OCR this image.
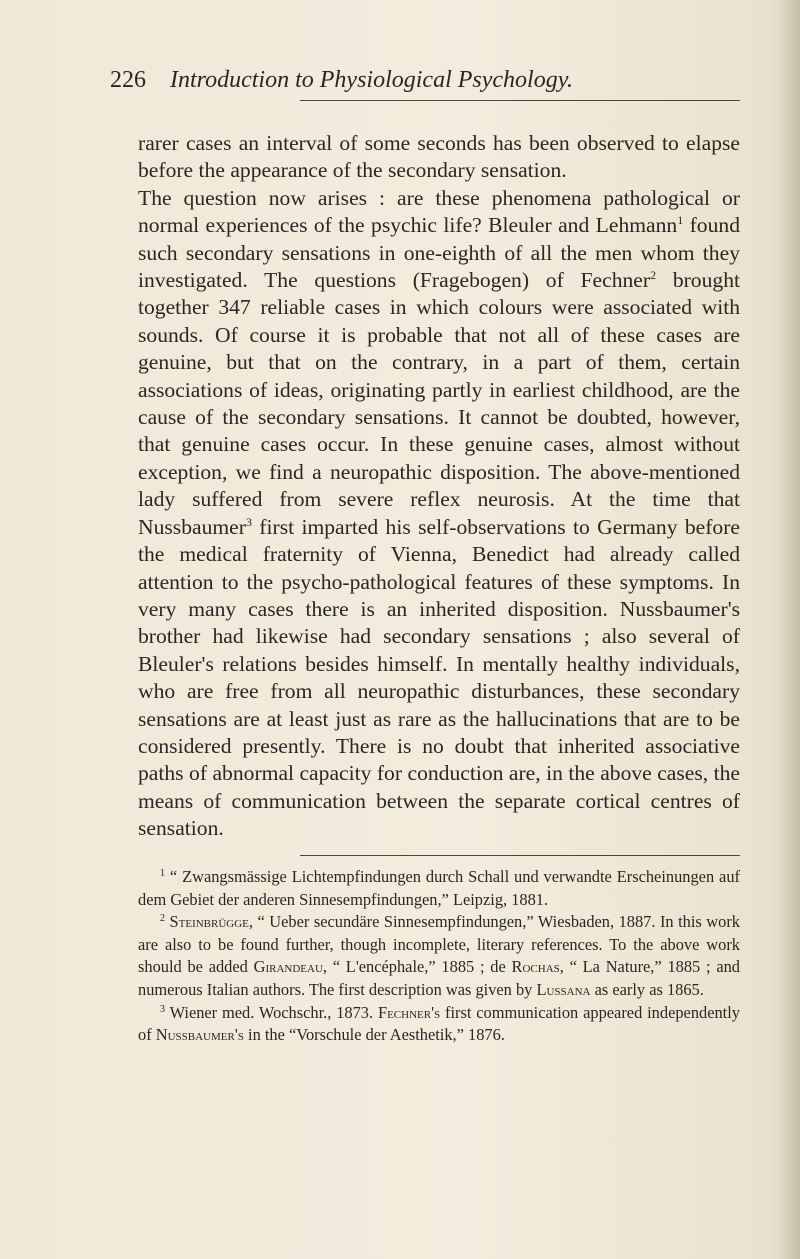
226 Introduction to Physiological Psychology.

rarer cases an interval of some seconds has been observed to elapse before the appearance of the secondary sensation.

The question now arises : are these phenomena pathological or normal experiences of the psychic life? Bleuler and Lehmann$^1$ found such secondary sensations in one-eighth of all the men whom they investigated. The questions (Fragebogen) of Fechner$^2$ brought together 347 reliable cases in which colours were associated with sounds. Of course it is probable that not all of these cases are genuine, but that on the contrary, in a part of them, certain associations of ideas, originating partly in earliest childhood, are the cause of the secondary sensations. It cannot be doubted, however, that genuine cases occur. In these genuine cases, almost without exception, we find a neuropathic disposition. The above-mentioned lady suffered from severe reflex neurosis. At the time that Nussbaumer$^3$ first imparted his self-observations to Germany before the medical fraternity of Vienna, Benedict had already called attention to the psycho-pathological features of these symptoms. In very many cases there is an inherited disposition. Nussbaumer's brother had likewise had secondary sensations ; also several of Bleuler's relations besides himself. In mentally healthy individuals, who are free from all neuropathic disturbances, these secondary sensations are at least just as rare as the hallucinations that are to be considered presently. There is no doubt that inherited associative paths of abnormal capacity for conduction are, in the above cases, the means of communication between the separate cortical centres of sensation.

$^1$ “ Zwangsmässige Lichtempfindungen durch Schall und verwandte Erscheinungen auf dem Gebiet der anderen Sinnesempfindungen,” Leipzig, 1881.

$^2$ Steinbrügge, “ Ueber secundäre Sinnesempfindungen,” Wiesbaden, 1887. In this work are also to be found further, though incomplete, literary references. To the above work should be added Girandeau, “ L'encéphale,” 1885 ; de Rochas, “ La Nature,” 1885 ; and numerous Italian authors. The first description was given by Lussana as early as 1865.

$^3$ Wiener med. Wochschr., 1873. Fechner's first communication appeared independently of Nussbaumer's in the “Vorschule der Aesthetik,” 1876.
